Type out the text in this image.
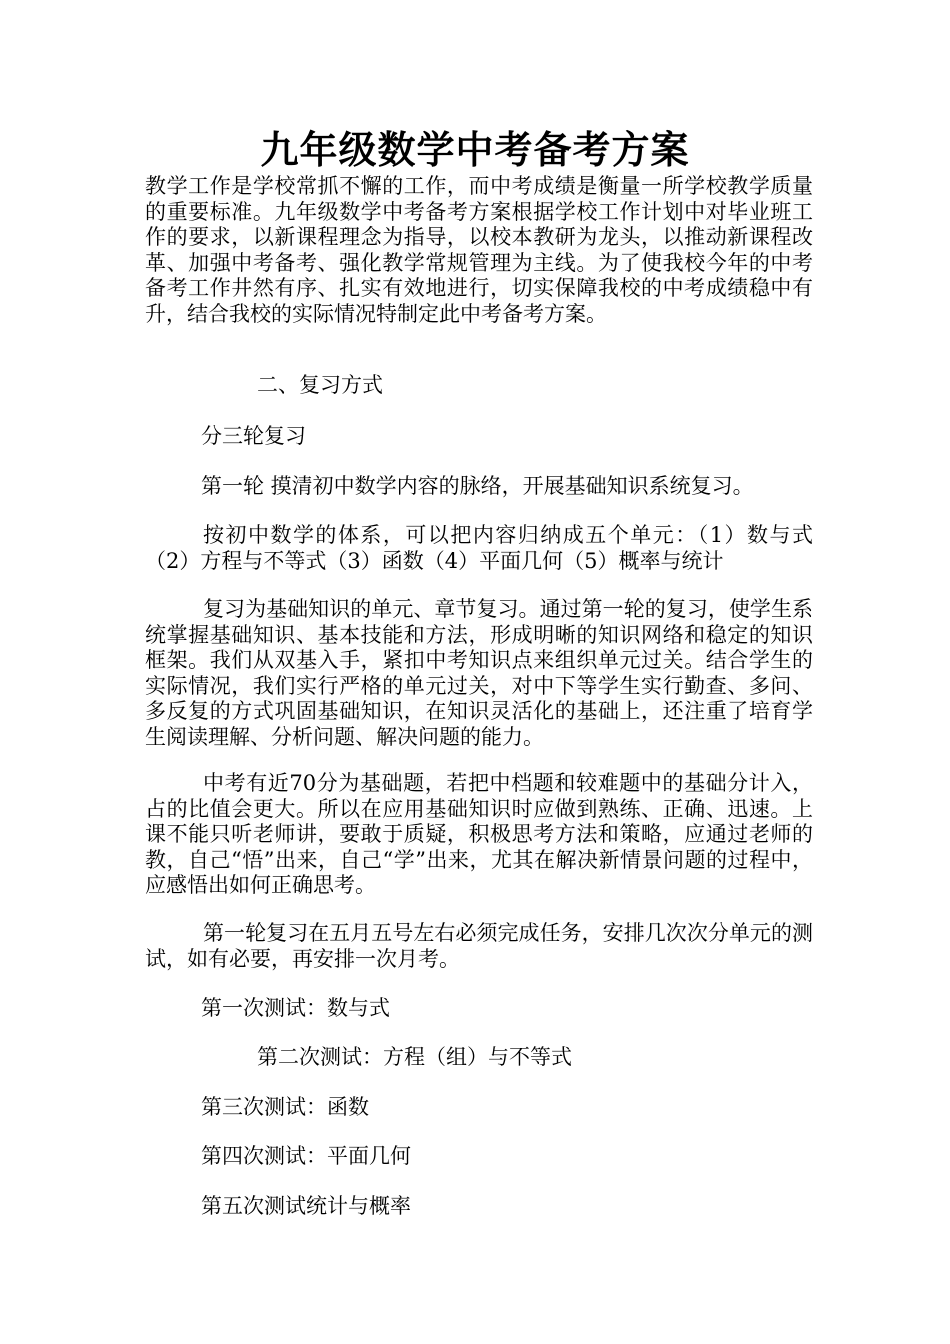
九年级数学中考备考方案

教学工作是学校常抓不懈的工作，而中考成绩是衡量一所学校教学质量的重要标准。九年级数学中考备考方案根据学校工作计划中对毕业班工作的要求，以新课程理念为指导，以校本教研为龙头，以推动新课程改革、加强中考备考、强化教学常规管理为主线。为了使我校今年的中考备考工作井然有序、扎实有效地进行，切实保障我校的中考成绩稳中有升，结合我校的实际情况特制定此中考备考方案。

二、复习方式

分三轮复习

第一轮 摸清初中数学内容的脉络，开展基础知识系统复习。

按初中数学的体系，可以把内容归纳成五个单元：（1）数与式（2）方程与不等式（3）函数（4）平面几何（5）概率与统计

复习为基础知识的单元、章节复习。通过第一轮的复习，使学生系统掌握基础知识、基本技能和方法，形成明晰的知识网络和稳定的知识框架。我们从双基入手，紧扣中考知识点来组织单元过关。结合学生的实际情况，我们实行严格的单元过关，对中下等学生实行勤查、多问、多反复的方式巩固基础知识，在知识灵活化的基础上，还注重了培育学生阅读理解、分析问题、解决问题的能力。

中考有近70分为基础题，若把中档题和较难题中的基础分计入，占的比值会更大。所以在应用基础知识时应做到熟练、正确、迅速。上课不能只听老师讲，要敢于质疑，积极思考方法和策略，应通过老师的教，自己“悟”出来，自己“学”出来，尤其在解决新情景问题的过程中，应感悟出如何正确思考。

第一轮复习在五月五号左右必须完成任务，安排几次次分单元的测试，如有必要，再安排一次月考。

第一次测试：数与式

第二次测试：方程（组）与不等式

第三次测试：函数

第四次测试：平面几何

第五次测试统计与概率
